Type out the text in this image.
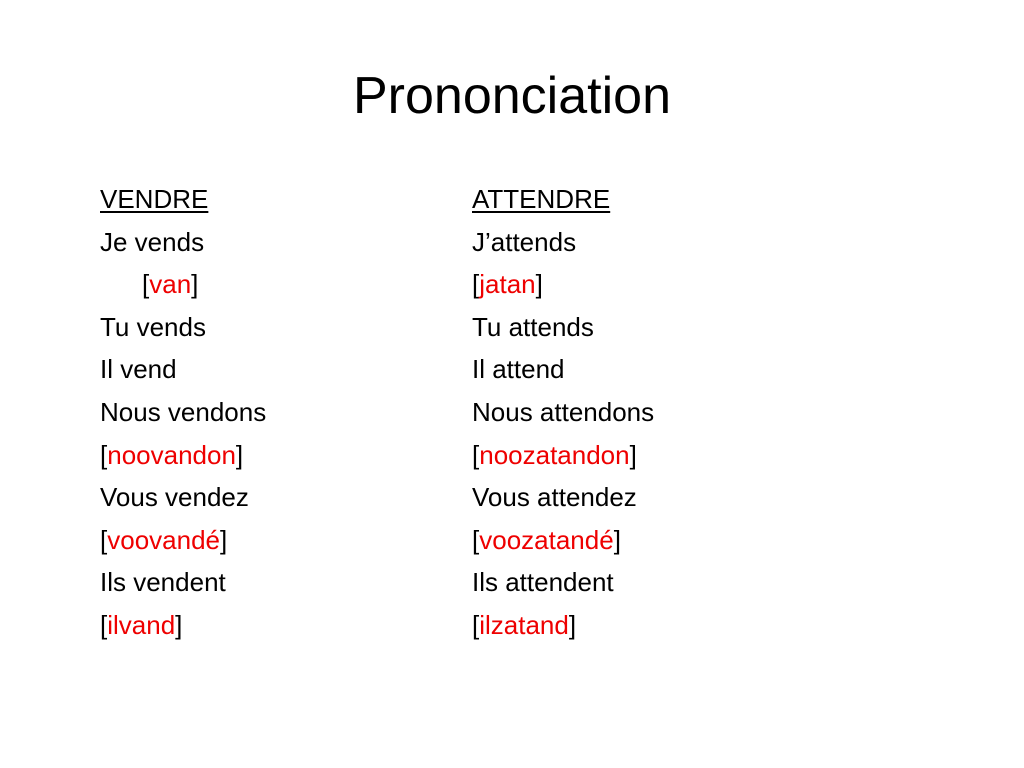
Prononciation
VENDRE
Je vends
[van]
Tu vends
Il vend
Nous vendons
[noovandon]
Vous vendez
[voovandé]
Ils vendent
[ilvand]
ATTENDRE
J’attends
[jatan]
Tu attends
Il attend
Nous attendons
[noozatandon]
Vous attendez
[voozatandé]
Ils attendent
[ilzatand]
